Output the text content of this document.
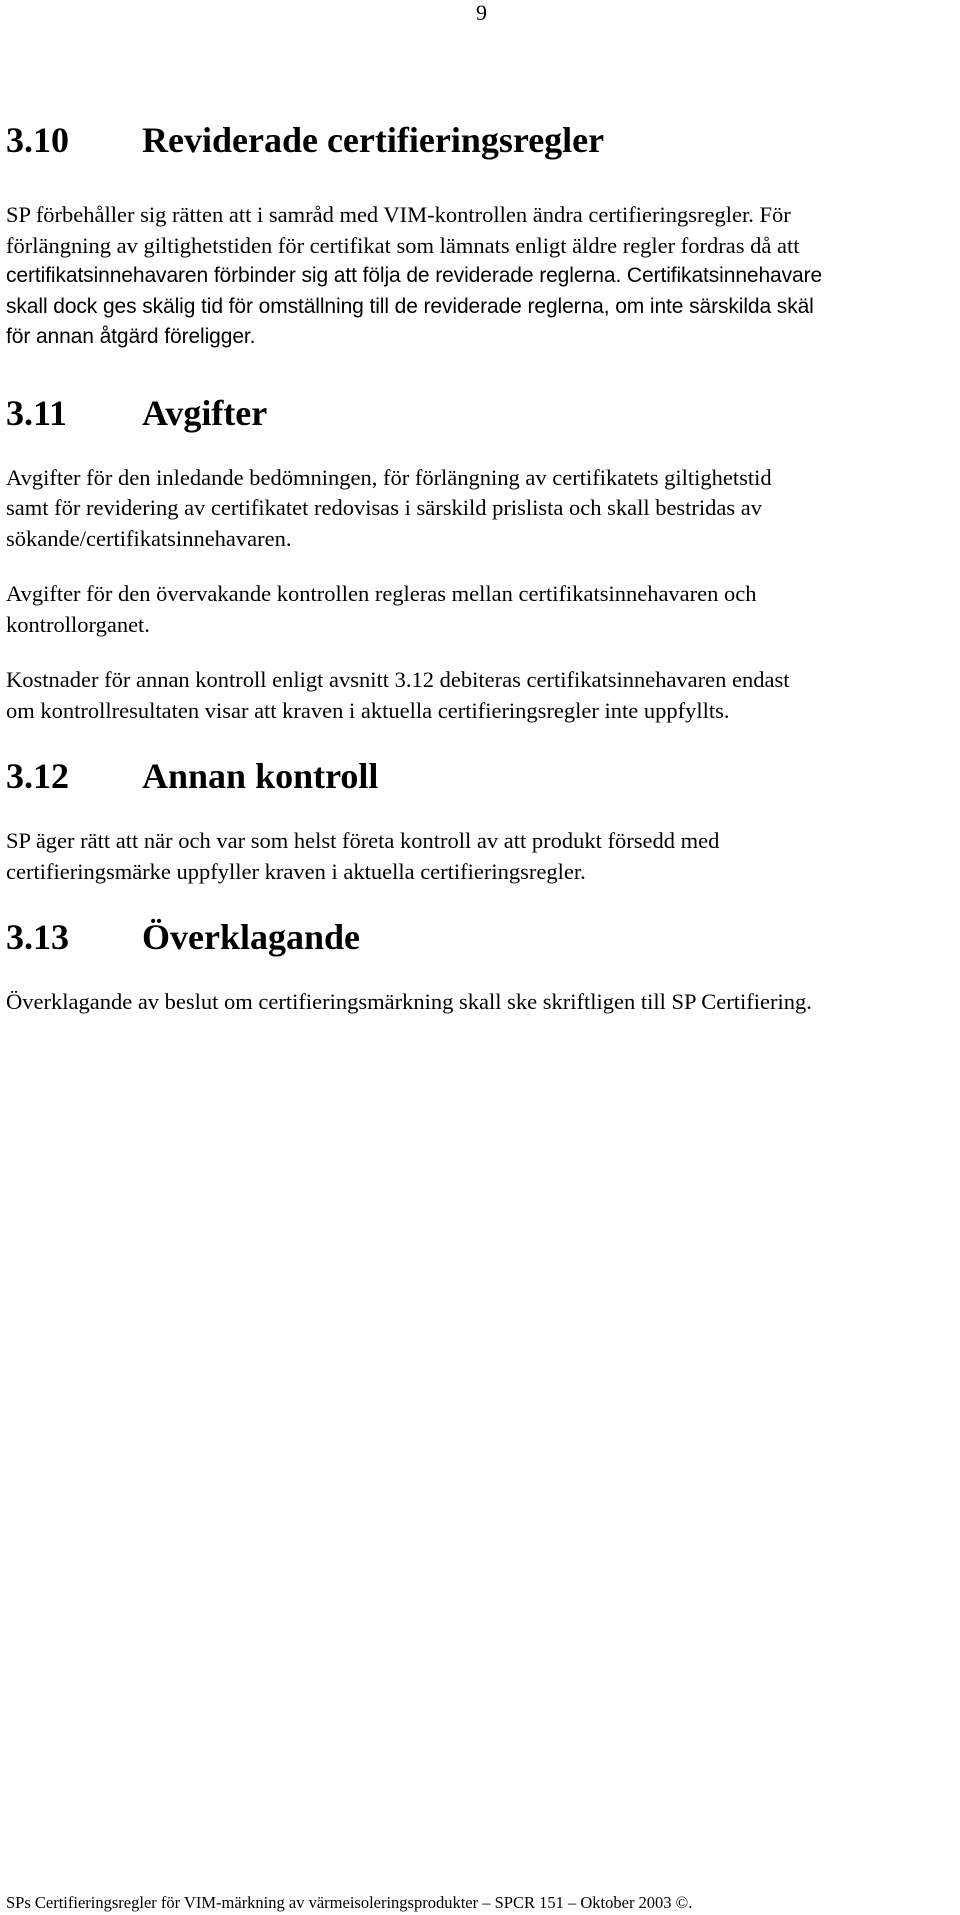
9
3.10	Reviderade certifieringsregler
SP förbehåller sig rätten att i samråd med VIM-kontrollen ändra certifieringsregler. För
förlängning av giltighetstiden för certifikat som lämnats enligt äldre regler fordras då att
certifikatsinnehavaren förbinder sig att följa de reviderade reglerna. Certifikatsinnehavare
skall dock ges skälig tid för omställning till de reviderade reglerna, om inte särskilda skäl
för annan åtgärd föreligger.
3.11	Avgifter
Avgifter för den inledande bedömningen, för förlängning av certifikatets giltighetstid
samt för revidering av certifikatet redovisas i särskild prislista och skall bestridas av
sökande/certifikatsinnehavaren.
Avgifter för den övervakande kontrollen regleras mellan certifikatsinnehavaren och
kontrollorganet.
Kostnader för annan kontroll enligt avsnitt 3.12 debiteras certifikatsinnehavaren endast
om kontrollresultaten visar att kraven i aktuella certifieringsregler inte uppfyllts.
3.12	Annan kontroll
SP äger rätt att när och var som helst företa kontroll av att produkt försedd med
certifieringsmärke uppfyller kraven i aktuella certifieringsregler.
3.13	Överklagande
Överklagande av beslut om certifieringsmärkning skall ske skriftligen till SP Certifiering.
SPs Certifieringsregler för VIM-märkning av värmeisoleringsprodukter – SPCR 151 – Oktober 2003 ©.
